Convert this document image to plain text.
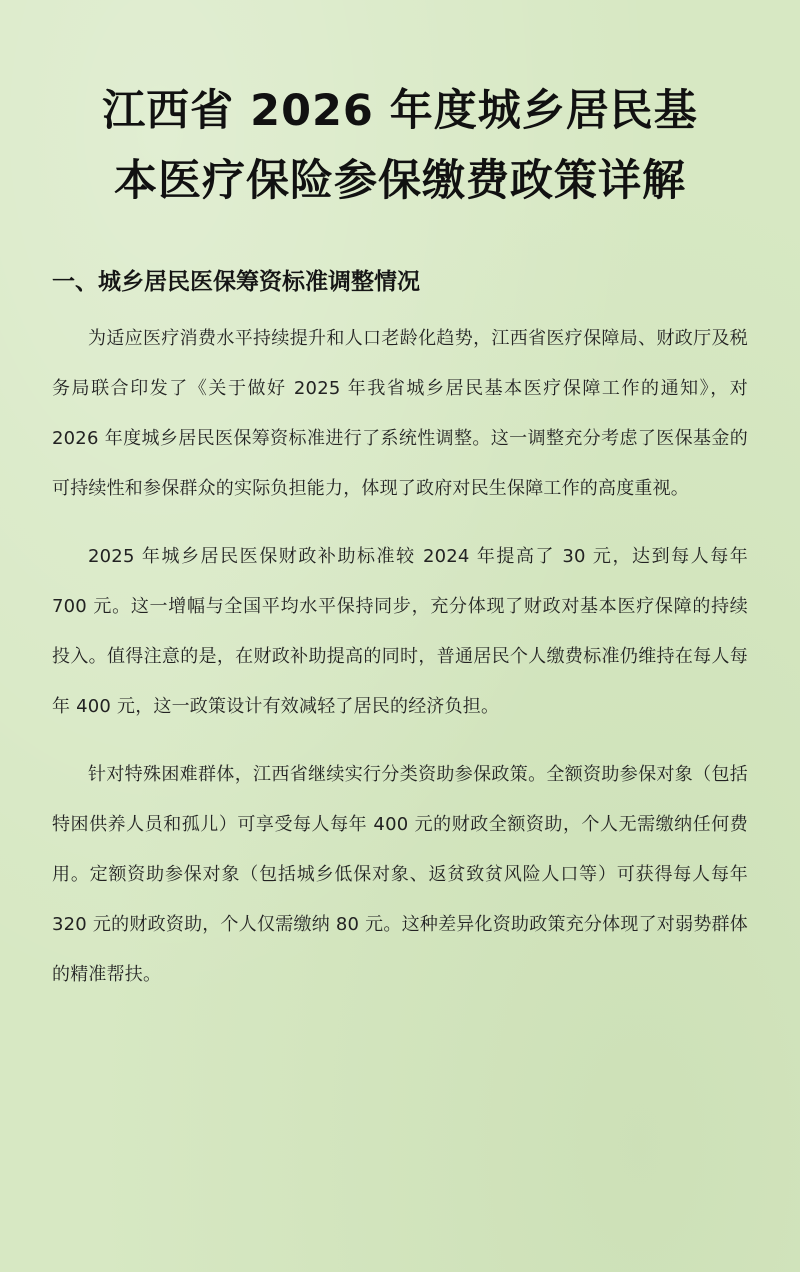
江西省 2026 年度城乡居民基
本医疗保险参保缴费政策详解
一、城乡居民医保筹资标准调整情况

为适应医疗消费水平持续提升和人口老龄化趋势，江西省医疗保障局、财政厅及税务局联合印发了《关于做好 2025 年我省城乡居民基本医疗保障工作的通知》，对 2026 年度城乡居民医保筹资标准进行了系统性调整。这一调整充分考虑了医保基金的可持续性和参保群众的实际负担能力，体现了政府对民生保障工作的高度重视。

2025 年城乡居民医保财政补助标准较 2024 年提高了 30 元，达到每人每年 700 元。这一增幅与全国平均水平保持同步，充分体现了财政对基本医疗保障的持续投入。值得注意的是，在财政补助提高的同时，普通居民个人缴费标准仍维持在每人每年 400 元，这一政策设计有效减轻了居民的经济负担。

针对特殊困难群体，江西省继续实行分类资助参保政策。全额资助参保对象（包括特困供养人员和孤儿）可享受每人每年 400 元的财政全额资助，个人无需缴纳任何费用。定额资助参保对象（包括城乡低保对象、返贫致贫风险人口等）可获得每人每年 320 元的财政资助，个人仅需缴纳 80 元。这种差异化资助政策充分体现了对弱势群体的精准帮扶。
